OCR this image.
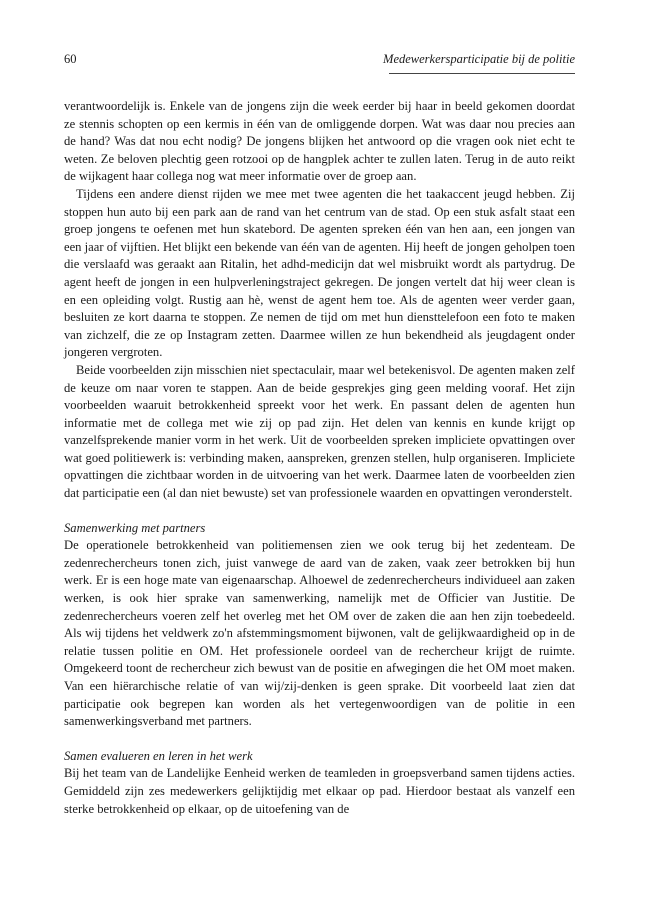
60	Medewerkersparticipatie bij de politie

verantwoordelijk is. Enkele van de jongens zijn die week eerder bij haar in beeld gekomen doordat ze stennis schopten op een kermis in één van de omliggende dorpen. Wat was daar nou precies aan de hand? Was dat nou echt nodig? De jongens blijken het antwoord op die vragen ook niet echt te weten. Ze beloven plechtig geen rotzooi op de hangplek achter te zullen laten. Terug in de auto reikt de wijkagent haar collega nog wat meer informatie over de groep aan.

Tijdens een andere dienst rijden we mee met twee agenten die het taakaccent jeugd hebben. Zij stoppen hun auto bij een park aan de rand van het centrum van de stad. Op een stuk asfalt staat een groep jongens te oefenen met hun skatebord. De agenten spreken één van hen aan, een jongen van een jaar of vijftien. Het blijkt een bekende van één van de agenten. Hij heeft de jongen geholpen toen die verslaafd was geraakt aan Ritalin, het adhd-medicijn dat wel misbruikt wordt als partydrug. De agent heeft de jongen in een hulpverleningstraject gekregen. De jongen vertelt dat hij weer clean is en een opleiding volgt. Rustig aan hè, wenst de agent hem toe. Als de agenten weer verder gaan, besluiten ze kort daarna te stoppen. Ze nemen de tijd om met hun diensttelefoon een foto te maken van zichzelf, die ze op Instagram zetten. Daarmee willen ze hun bekendheid als jeugdagent onder jongeren vergroten.

Beide voorbeelden zijn misschien niet spectaculair, maar wel betekenisvol. De agenten maken zelf de keuze om naar voren te stappen. Aan de beide gesprekjes ging geen melding vooraf. Het zijn voorbeelden waaruit betrokkenheid spreekt voor het werk. En passant delen de agenten hun informatie met de collega met wie zij op pad zijn. Het delen van kennis en kunde krijgt op vanzelfsprekende manier vorm in het werk. Uit de voorbeelden spreken impliciete opvattingen over wat goed politiewerk is: verbinding maken, aanspreken, grenzen stellen, hulp organiseren. Impliciete opvattingen die zichtbaar worden in de uitvoering van het werk. Daarmee laten de voorbeelden zien dat participatie een (al dan niet bewuste) set van professionele waarden en opvattingen veronderstelt.

Samenwerking met partners

De operationele betrokkenheid van politiemensen zien we ook terug bij het zedenteam. De zedenrechercheurs tonen zich, juist vanwege de aard van de zaken, vaak zeer betrokken bij hun werk. Er is een hoge mate van eigenaarschap. Alhoewel de zedenrechercheurs individueel aan zaken werken, is ook hier sprake van samenwerking, namelijk met de Officier van Justitie. De zedenrechercheurs voeren zelf het overleg met het OM over de zaken die aan hen zijn toebedeeld. Als wij tijdens het veldwerk zo'n afstemmingsmoment bijwonen, valt de gelijkwaardigheid op in de relatie tussen politie en OM. Het professionele oordeel van de rechercheur krijgt de ruimte. Omgekeerd toont de rechercheur zich bewust van de positie en afwegingen die het OM moet maken. Van een hiërarchische relatie of van wij/zij-denken is geen sprake. Dit voorbeeld laat zien dat participatie ook begrepen kan worden als het vertegenwoordigen van de politie in een samenwerkingsverband met partners.

Samen evalueren en leren in het werk

Bij het team van de Landelijke Eenheid werken de teamleden in groepsverband samen tijdens acties. Gemiddeld zijn zes medewerkers gelijktijdig met elkaar op pad. Hierdoor bestaat als vanzelf een sterke betrokkenheid op elkaar, op de uitoefening van de
